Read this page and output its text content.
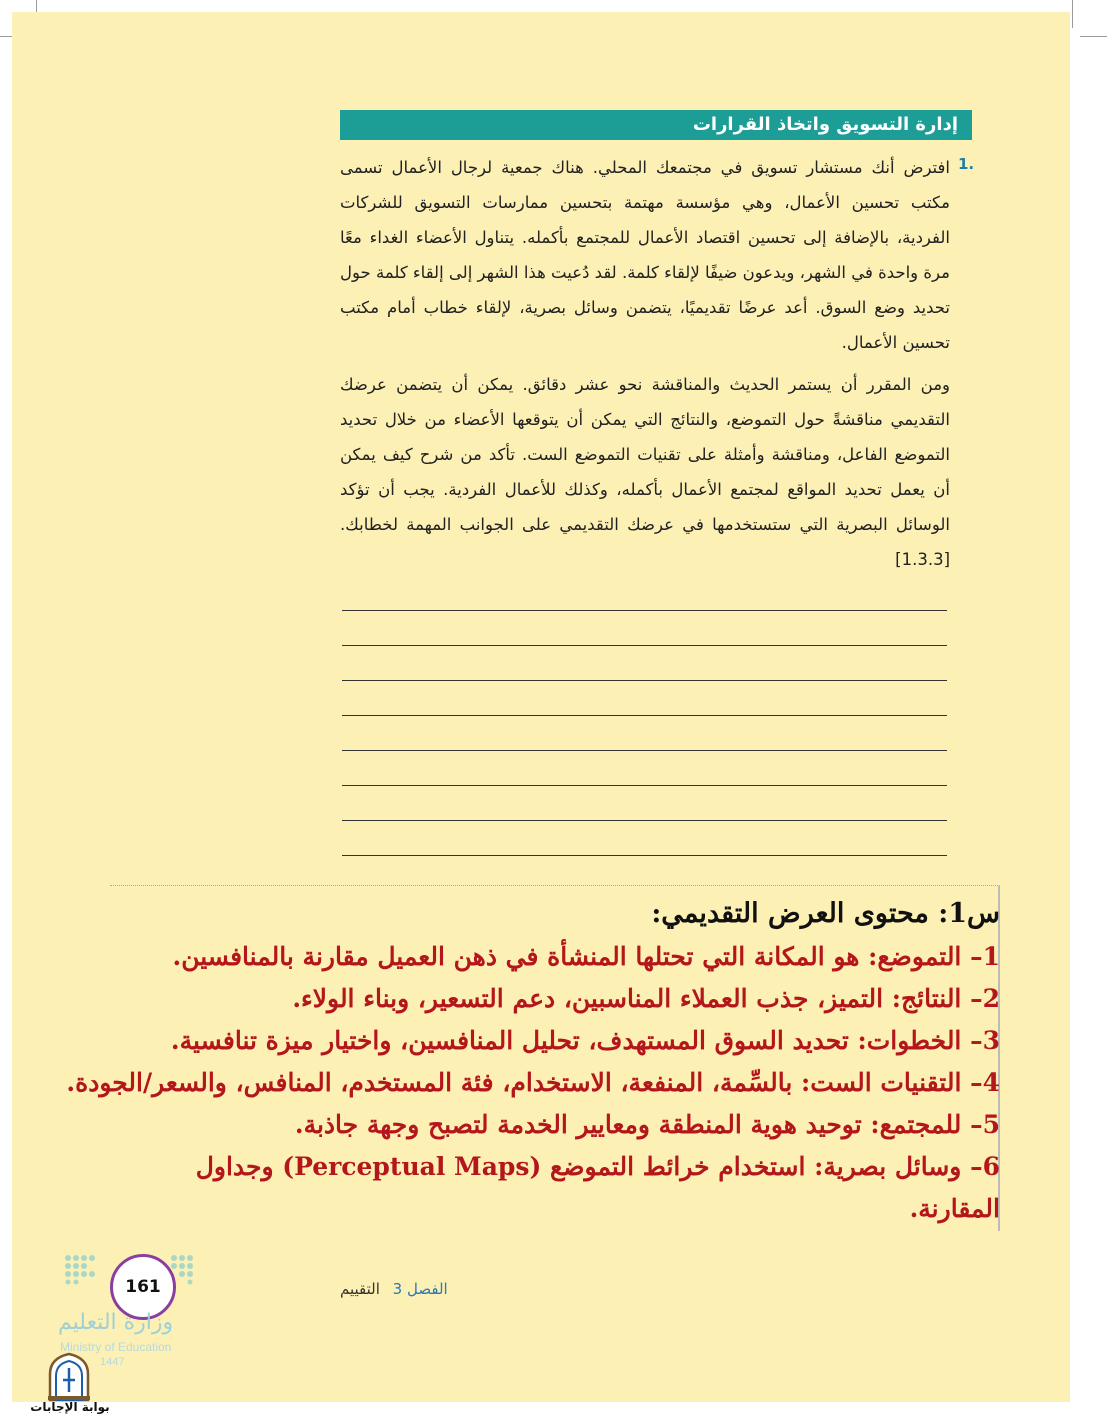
إدارة التسويق واتخاذ القرارات
1.
افترض أنك مستشار تسويق في مجتمعك المحلي. هناك جمعية لرجال الأعمال تسمى مكتب تحسين الأعمال، وهي مؤسسة مهتمة بتحسين ممارسات التسويق للشركات الفردية، بالإضافة إلى تحسين اقتصاد الأعمال للمجتمع بأكمله. يتناول الأعضاء الغداء معًا مرة واحدة في الشهر، ويدعون ضيفًا لإلقاء كلمة. لقد دُعيت هذا الشهر إلى إلقاء كلمة حول تحديد وضع السوق. أعد عرضًا تقديميًا، يتضمن وسائل بصرية، لإلقاء خطاب أمام مكتب تحسين الأعمال.
ومن المقرر أن يستمر الحديث والمناقشة نحو عشر دقائق. يمكن أن يتضمن عرضك التقديمي مناقشةً حول التموضع، والنتائج التي يمكن أن يتوقعها الأعضاء من خلال تحديد التموضع الفاعل، ومناقشة وأمثلة على تقنيات التموضع الست. تأكد من شرح كيف يمكن أن يعمل تحديد المواقع لمجتمع الأعمال بأكمله، وكذلك للأعمال الفردية. يجب أن تؤكد الوسائل البصرية التي ستستخدمها في عرضك التقديمي على الجوانب المهمة لخطابك. [1.3.3]
س1: محتوى العرض التقديمي:
1– التموضع: هو المكانة التي تحتلها المنشأة في ذهن العميل مقارنة بالمنافسين.
2– النتائج: التميز، جذب العملاء المناسبين، دعم التسعير، وبناء الولاء.
3– الخطوات: تحديد السوق المستهدف، تحليل المنافسين، واختيار ميزة تنافسية.
4– التقنيات الست: بالسِّمة، المنفعة، الاستخدام، فئة المستخدم، المنافس، والسعر/الجودة.
5– للمجتمع: توحيد هوية المنطقة ومعايير الخدمة لتصبح وجهة جاذبة.
6– وسائل بصرية: استخدام خرائط التموضع (Perceptual Maps) وجداول
المقارنة.
الفصل 3 التقييم
161
وزارة التعليم
Ministry of Education
1447
بوابة الإجابات
